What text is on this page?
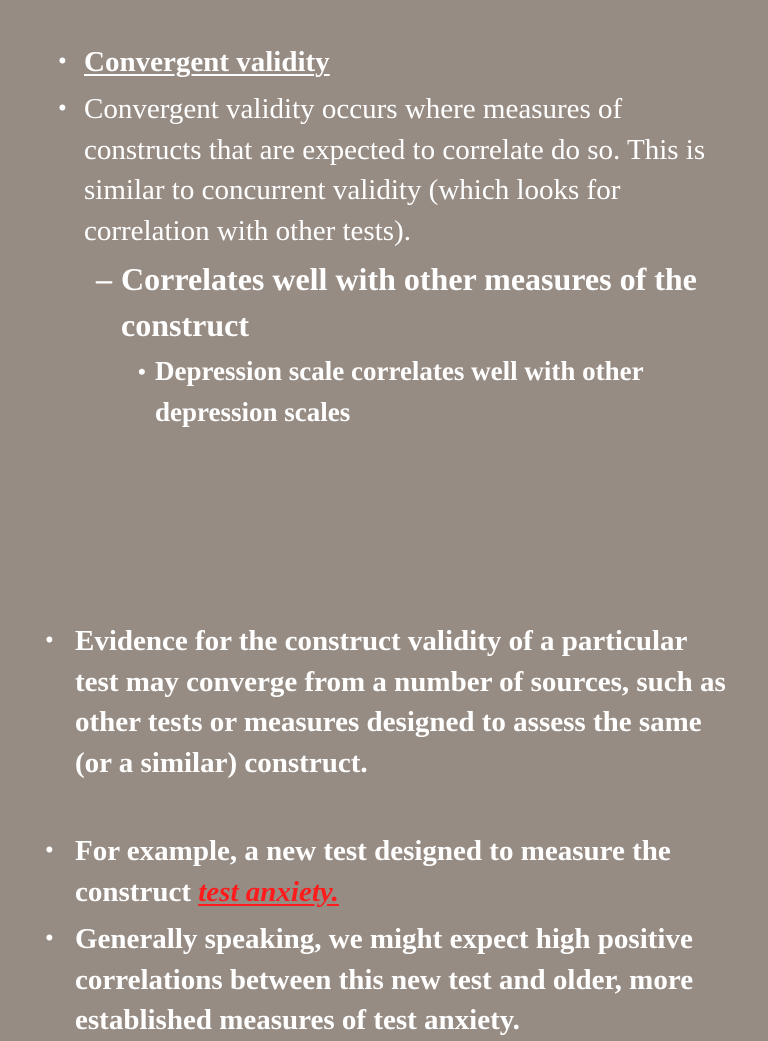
• Convergent validity
• Convergent validity occurs where measures of constructs that are expected to correlate do so. This is similar to concurrent validity (which looks for correlation with other tests).
– Correlates well with other measures of the construct
• Depression scale correlates well with other depression scales
• Evidence for the construct validity of a particular test may converge from a number of sources, such as other tests or measures designed to assess the same (or a similar) construct.
• For example, a new test designed to measure the construct test anxiety.
• Generally speaking, we might expect high positive correlations between this new test and older, more established measures of test anxiety.
